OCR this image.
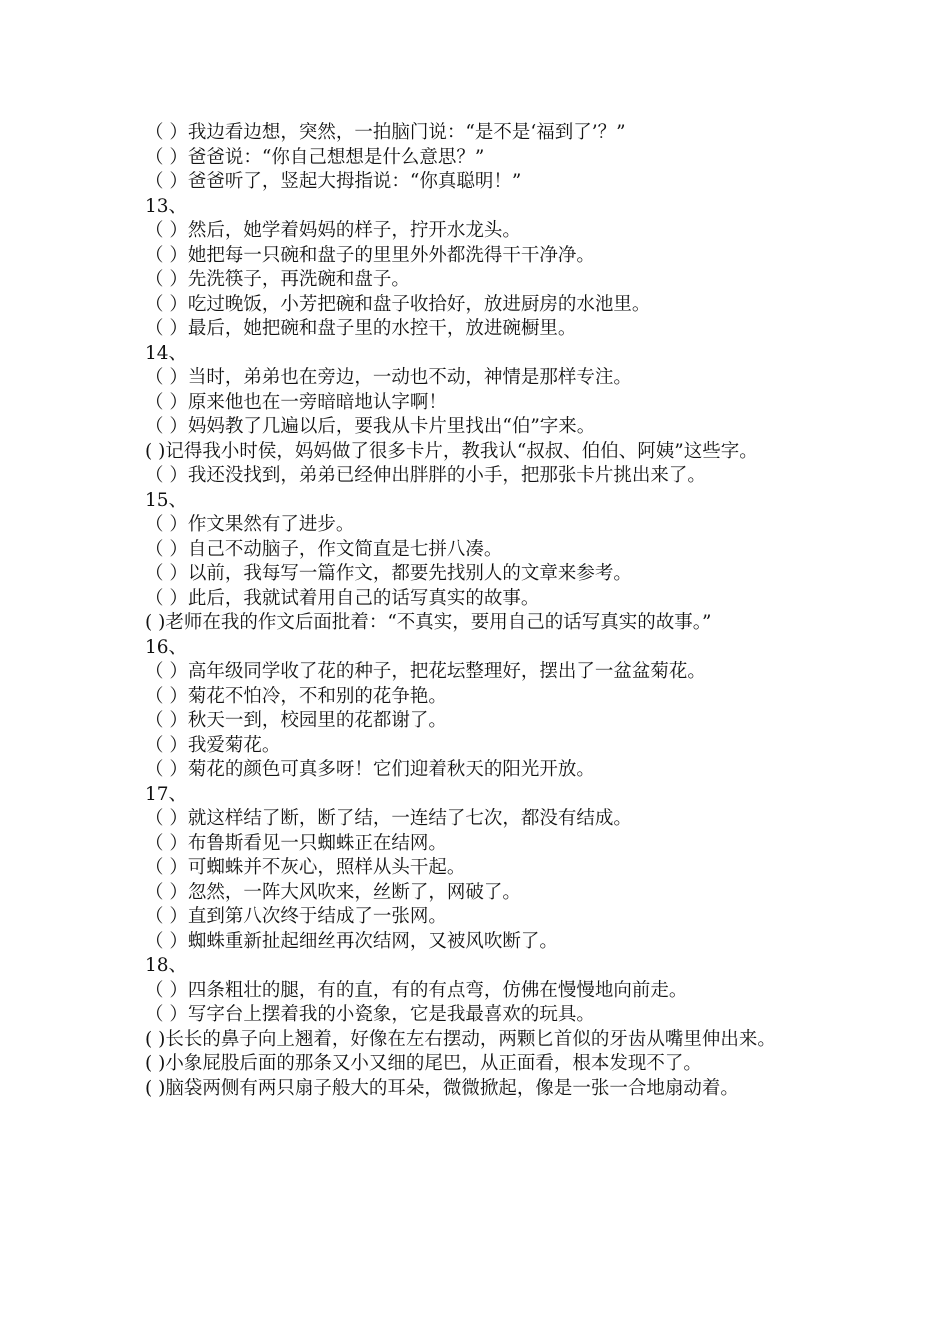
（ ）我边看边想，突然，一拍脑门说：“是不是‘福到了’？”
（ ）爸爸说：“你自己想想是什么意思？”
（ ）爸爸听了，竖起大拇指说：“你真聪明！”
13、
（ ）然后，她学着妈妈的样子，拧开水龙头。
（ ）她把每一只碗和盘子的里里外外都洗得干干净净。
（ ）先洗筷子，再洗碗和盘子。
（ ）吃过晚饭，小芳把碗和盘子收拾好，放进厨房的水池里。
（ ）最后，她把碗和盘子里的水控干，放进碗橱里。
14、
（ ）当时，弟弟也在旁边，一动也不动，神情是那样专注。
（ ）原来他也在一旁暗暗地认字啊！
（ ）妈妈教了几遍以后，要我从卡片里找出“伯”字来。
( )记得我小时侯，妈妈做了很多卡片，教我认“叔叔、伯伯、阿姨”这些字。
（ ）我还没找到，弟弟已经伸出胖胖的小手，把那张卡片挑出来了。
15、
（ ）作文果然有了进步。
（ ）自己不动脑子，作文简直是七拼八凑。
（ ）以前，我每写一篇作文，都要先找别人的文章来参考。
（ ）此后，我就试着用自己的话写真实的故事。
( )老师在我的作文后面批着：“不真实，要用自己的话写真实的故事。”
16、
（ ）高年级同学收了花的种子，把花坛整理好，摆出了一盆盆菊花。
（ ）菊花不怕冷，不和别的花争艳。
（ ）秋天一到，校园里的花都谢了。
（ ）我爱菊花。
（ ）菊花的颜色可真多呀！它们迎着秋天的阳光开放。
17、
（ ）就这样结了断，断了结，一连结了七次，都没有结成。
（ ）布鲁斯看见一只蜘蛛正在结网。
（ ）可蜘蛛并不灰心，照样从头干起。
（ ）忽然，一阵大风吹来，丝断了，网破了。
（ ）直到第八次终于结成了一张网。
（ ）蜘蛛重新扯起细丝再次结网，又被风吹断了。
18、
（ ）四条粗壮的腿，有的直，有的有点弯，仿佛在慢慢地向前走。
（ ）写字台上摆着我的小瓷象，它是我最喜欢的玩具。
( )长长的鼻子向上翘着，好像在左右摆动，两颗匕首似的牙齿从嘴里伸出来。
( )小象屁股后面的那条又小又细的尾巴，从正面看，根本发现不了。
( )脑袋两侧有两只扇子般大的耳朵，微微掀起，像是一张一合地扇动着。
